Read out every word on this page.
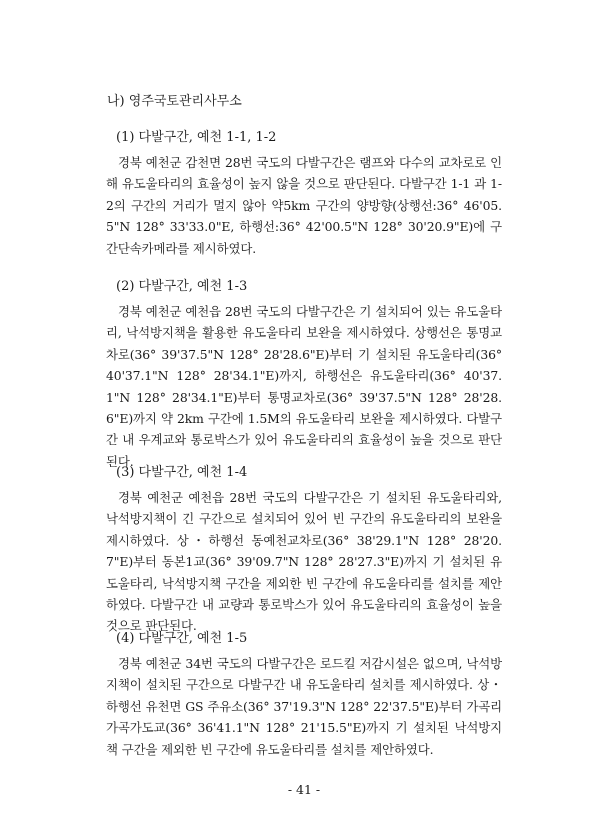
나) 영주국토관리사무소
(1) 다발구간, 예천 1-1, 1-2

경북 예천군 감천면 28번 국도의 다발구간은 램프와 다수의 교차로로 인해 유도울타리의 효율성이 높지 않을 것으로 판단된다. 다발구간 1-1 과 1-2의 구간의 거리가 멀지 않아 약5km 구간의 양방향(상행선:36° 46'05.5"N 128° 33'33.0"E, 하행선:36° 42'00.5"N 128° 30'20.9"E)에 구간단속카메라를 제시하였다.

(2) 다발구간, 예천 1-3

경북 예천군 예천읍 28번 국도의 다발구간은 기 설치되어 있는 유도울타리, 낙석방지책을 활용한 유도울타리 보완을 제시하였다. 상행선은 통명교차로(36° 39'37.5"N 128° 28'28.6"E)부터 기 설치된 유도울타리(36° 40'37.1"N 128° 28'34.1"E)까지, 하행선은 유도울타리(36° 40'37.1"N 128° 28'34.1"E)부터 통명교차로(36° 39'37.5"N 128° 28'28.6"E)까지 약 2km 구간에 1.5M의 유도울타리 보완을 제시하였다. 다발구간 내 우계교와 통로박스가 있어 유도울타리의 효율성이 높을 것으로 판단된다.

(3) 다발구간, 예천 1-4

경북 예천군 예천읍 28번 국도의 다발구간은 기 설치된 유도울타리와, 낙석방지책이 긴 구간으로 설치되어 있어 빈 구간의 유도울타리의 보완을 제시하였다. 상・하행선 동예천교차로(36° 38'29.1"N 128° 28'20.7"E)부터 동본1교(36° 39'09.7"N 128° 28'27.3"E)까지 기 설치된 유도울타리, 낙석방지책 구간을 제외한 빈 구간에 유도울타리를 설치를 제안하였다. 다발구간 내 교량과 통로박스가 있어 유도울타리의 효율성이 높을 것으로 판단된다.

(4) 다발구간, 예천 1-5

경북 예천군 34번 국도의 다발구간은 로드킬 저감시설은 없으며, 낙석방지책이 설치된 구간으로 다발구간 내 유도울타리 설치를 제시하였다. 상・하행선 유천면 GS 주유소(36° 37'19.3"N 128° 22'37.5"E)부터 가곡리 가곡가도교(36° 36'41.1"N 128° 21'15.5"E)까지 기 설치된 낙석방지책 구간을 제외한 빈 구간에 유도울타리를 설치를 제안하였다.

- 41 -
